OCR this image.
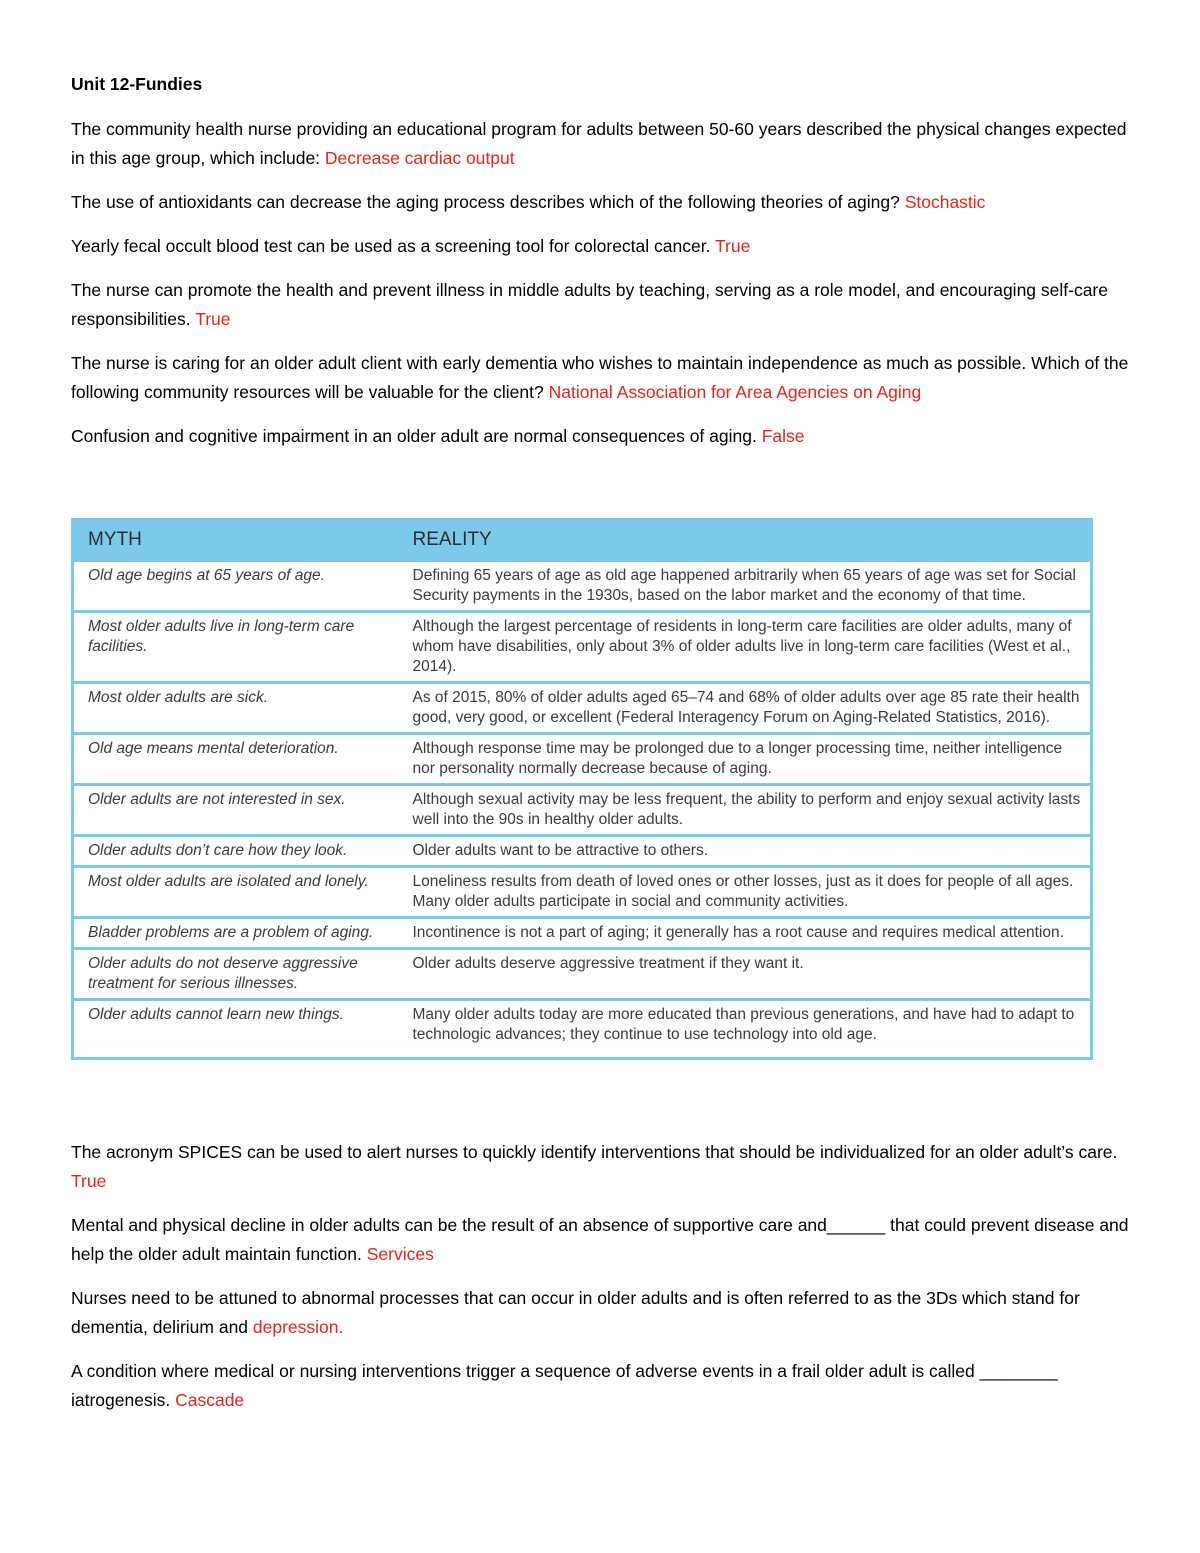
Unit 12-Fundies

The community health nurse providing an educational program for adults between 50-60 years described the physical changes expected in this age group, which include: Decrease cardiac output

The use of antioxidants can decrease the aging process describes which of the following theories of aging? Stochastic

Yearly fecal occult blood test can be used as a screening tool for colorectal cancer. True

The nurse can promote the health and prevent illness in middle adults by teaching, serving as a role model, and encouraging self-care responsibilities. True

The nurse is caring for an older adult client with early dementia who wishes to maintain independence as much as possible. Which of the following community resources will be valuable for the client? National Association for Area Agencies on Aging

Confusion and cognitive impairment in an older adult are normal consequences of aging. False

MYTH	REALITY
Old age begins at 65 years of age.	Defining 65 years of age as old age happened arbitrarily when 65 years of age was set for Social Security payments in the 1930s, based on the labor market and the economy of that time.
Most older adults live in long-term care facilities.	Although the largest percentage of residents in long-term care facilities are older adults, many of whom have disabilities, only about 3% of older adults live in long-term care facilities (West et al., 2014).
Most older adults are sick.	As of 2015, 80% of older adults aged 65–74 and 68% of older adults over age 85 rate their health good, very good, or excellent (Federal Interagency Forum on Aging-Related Statistics, 2016).
Old age means mental deterioration.	Although response time may be prolonged due to a longer processing time, neither intelligence nor personality normally decrease because of aging.
Older adults are not interested in sex.	Although sexual activity may be less frequent, the ability to perform and enjoy sexual activity lasts well into the 90s in healthy older adults.
Older adults don’t care how they look.	Older adults want to be attractive to others.
Most older adults are isolated and lonely.	Loneliness results from death of loved ones or other losses, just as it does for people of all ages. Many older adults participate in social and community activities.
Bladder problems are a problem of aging.	Incontinence is not a part of aging; it generally has a root cause and requires medical attention.
Older adults do not deserve aggressive treatment for serious illnesses.	Older adults deserve aggressive treatment if they want it.
Older adults cannot learn new things.	Many older adults today are more educated than previous generations, and have had to adapt to technologic advances; they continue to use technology into old age.

The acronym SPICES can be used to alert nurses to quickly identify interventions that should be individualized for an older adult’s care. True

Mental and physical decline in older adults can be the result of an absence of supportive care and______ that could prevent disease and help the older adult maintain function. Services

Nurses need to be attuned to abnormal processes that can occur in older adults and is often referred to as the 3Ds which stand for dementia, delirium and depression.

A condition where medical or nursing interventions trigger a sequence of adverse events in a frail older adult is called ________ iatrogenesis. Cascade
